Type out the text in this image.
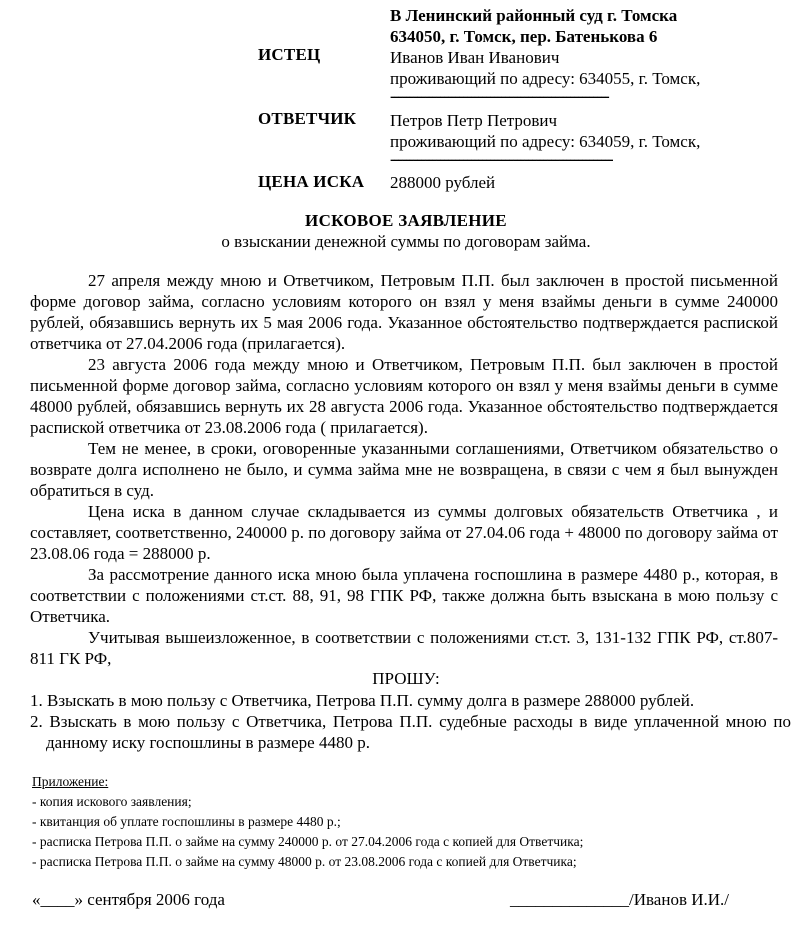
В Ленинский районный суд г. Томска
634050, г. Томск, пер. Батенькова 6
ИСТЕЦ	Иванов Иван Иванович
проживающий по адресу: 634055, г. Томск,
---------------------------------------------------------
ОТВЕТЧИК Петров Петр Петрович
проживающий по адресу: 634059, г. Томск,
----------------------------------------------------------
ЦЕНА ИСКА 288000 рублей
ИСКОВОЕ ЗАЯВЛЕНИЕ
о взыскании денежной суммы по договорам займа.
27 апреля между мною и Ответчиком, Петровым П.П. был заключен в простой письменной форме договор займа, согласно условиям которого он взял у меня взаймы деньги в сумме 240000 рублей, обязавшись вернуть их 5 мая 2006 года. Указанное обстоятельство подтверждается распиской ответчика от 27.04.2006 года (прилагается).
23 августа 2006 года между мною и Ответчиком, Петровым П.П. был заключен в простой письменной форме договор займа, согласно условиям которого он взял у меня взаймы деньги в сумме 48000 рублей, обязавшись вернуть их 28 августа 2006 года. Указанное обстоятельство подтверждается распиской ответчика от 23.08.2006 года ( прилагается).
Тем не менее, в сроки, оговоренные указанными соглашениями, Ответчиком обязательство о возврате долга исполнено не было, и сумма займа мне не возвращена, в связи с чем я был вынужден обратиться в суд.
Цена иска в данном случае складывается из суммы долговых обязательств Ответчика , и составляет, соответственно, 240000 р. по договору займа от 27.04.06 года + 48000 по договору займа от 23.08.06 года = 288000 р.
За рассмотрение данного иска мною была уплачена госпошлина в размере 4480 р., которая, в соответствии с положениями ст.ст. 88, 91, 98 ГПК РФ, также должна быть взыскана в мою пользу с Ответчика.
Учитывая вышеизложенное, в соответствии с положениями ст.ст. 3, 131-132 ГПК РФ, ст.807-811 ГК РФ,
ПРОШУ:
1. Взыскать в мою пользу с Ответчика, Петрова П.П. сумму долга в размере 288000 рублей.
2. Взыскать в мою пользу с Ответчика, Петрова П.П. судебные расходы в виде уплаченной мною по данному иску госпошлины в размере 4480 р.
Приложение:
- копия искового заявления;
- квитанция об уплате госпошлины в размере 4480 р.;
- расписка Петрова П.П. о займе на сумму 240000 р. от 27.04.2006 года с копией для Ответчика;
- расписка Петрова П.П. о займе на сумму 48000 р. от 23.08.2006 года с копией для Ответчика;
«____» сентября 2006 года	______________/Иванов И.И./
